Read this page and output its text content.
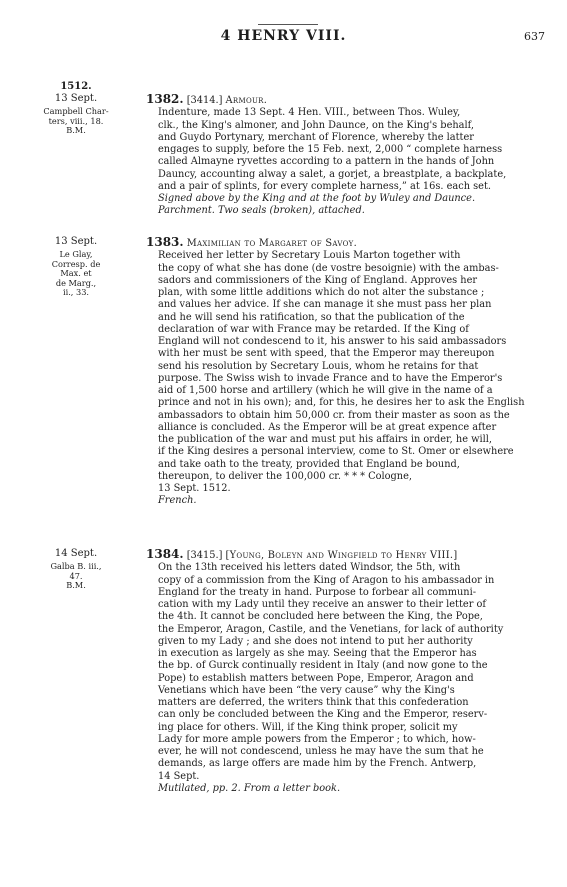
4 HENRY VIII.	637
1512.
13 Sept.
Campbell Char-
ters, viii., 18.
B.M.
1382. [3414.] Armour.
Indenture, made 13 Sept. 4 Hen. VIII., between Thos. Wuley,
clk., the King's almoner, and John Daunce, on the King's behalf,
and Guydo Portynary, merchant of Florence, whereby the latter
engages to supply, before the 15 Feb. next, 2,000 “ complete harness
called Almayne ryvettes according to a pattern in the hands of John
Dauncy, accounting alway a salet, a gorjet, a breastplate, a backplate,
and a pair of splints, for every complete harness,” at 16s. each set.
Signed above by the King and at the foot by Wuley and Daunce.
Parchment. Two seals (broken), attached.
13 Sept.
Le Glay,
Corresp. de
Max. et
de Marg.,
ii., 33.
1383. Maximilian to Margaret of Savoy.
Received her letter by Secretary Louis Marton together with
the copy of what she has done (de vostre besoignie) with the ambas-
sadors and commissioners of the King of England. Approves her
plan, with some little additions which do not alter the substance ;
and values her advice. If she can manage it she must pass her plan
and he will send his ratification, so that the publication of the
declaration of war with France may be retarded. If the King of
England will not condescend to it, his answer to his said ambassadors
with her must be sent with speed, that the Emperor may thereupon
send his resolution by Secretary Louis, whom he retains for that
purpose. The Swiss wish to invade France and to have the Emperor's
aid of 1,500 horse and artillery (which he will give in the name of a
prince and not in his own); and, for this, he desires her to ask the English
ambassadors to obtain him 50,000 cr. from their master as soon as the
alliance is concluded. As the Emperor will be at great expence after
the publication of the war and must put his affairs in order, he will,
if the King desires a personal interview, come to St. Omer or elsewhere
and take oath to the treaty, provided that England be bound,
thereupon, to deliver the 100,000 cr. * * * Cologne,
13 Sept. 1512.
French.
14 Sept.
Galba B. iii.,
47.
B.M.
1384. [3415.] [Young, Boleyn and Wingfield to Henry VIII.]
On the 13th received his letters dated Windsor, the 5th, with
copy of a commission from the King of Aragon to his ambassador in
England for the treaty in hand. Purpose to forbear all communi-
cation with my Lady until they receive an answer to their letter of
the 4th. It cannot be concluded here between the King, the Pope,
the Emperor, Aragon, Castile, and the Venetians, for lack of authority
given to my Lady ; and she does not intend to put her authority
in execution as largely as she may. Seeing that the Emperor has
the bp. of Gurck continually resident in Italy (and now gone to the
Pope) to establish matters between Pope, Emperor, Aragon and
Venetians which have been “the very cause” why the King's
matters are deferred, the writers think that this confederation
can only be concluded between the King and the Emperor, reserv-
ing place for others. Will, if the King think proper, solicit my
Lady for more ample powers from the Emperor ; to which, how-
ever, he will not condescend, unless he may have the sum that he
demands, as large offers are made him by the French. Antwerp,
14 Sept.
Mutilated, pp. 2. From a letter book.
